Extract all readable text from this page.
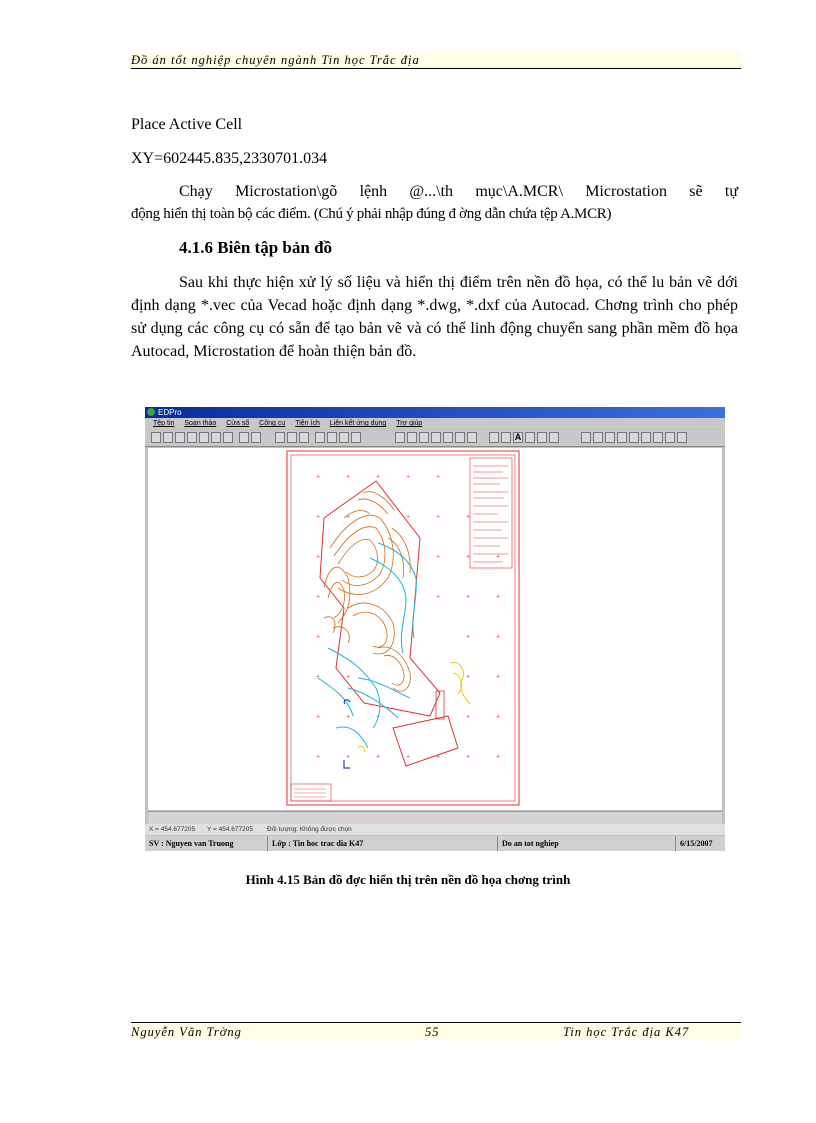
Đồ án tốt nghiệp chuyên ngành Tin học Trắc địa

Place Active Cell

XY=602445.835,2330701.034

Chạy Microstation\gõ lệnh @...\th mục\A.MCR\ Microstation sẽ tự

động hiển thị toàn bộ các điểm. (Chú ý phải nhập đúng đ ờng dẫn chứa tệp A.MCR)

4.1.6 Biên tập bản đồ

Sau khi thực hiện xử lý số liệu và hiển thị điểm trên nền đồ họa, có thể lu bản vẽ dới định dạng *.vec của Vecad hoặc định dạng *.dwg, *.dxf của Autocad. Chơng trình cho phép sử dụng các công cụ có sẵn để tạo bản vẽ và có thể linh động chuyển sang phần mềm đồ họa Autocad, Microstation để hoàn thiện bản đồ.

EDPro
Tệp tin Soạn thảo Cửa sổ Công cụ Tiện ích Liên kết ứng dụng Trợ giúp
A
+	+	+	+	+
+	+	+	+	+
+	+	+	+
+	+	+	+
+	+	+
+	+	+	+
+	+	+	+	+
+	+	+	+	+	+	+
X = 454.677205 Y = 454.677205 Đối tượng: Không được chọn
SV : Nguyen van Truong	Lớp : Tin hoc trac dia K47	Do an tot nghiep	6/15/2007
Hình 4.15 Bản đồ đợc hiển thị trên nền đồ họa chơng trình
Nguyễn Văn Trờng	55	Tin học Trắc địa K47
